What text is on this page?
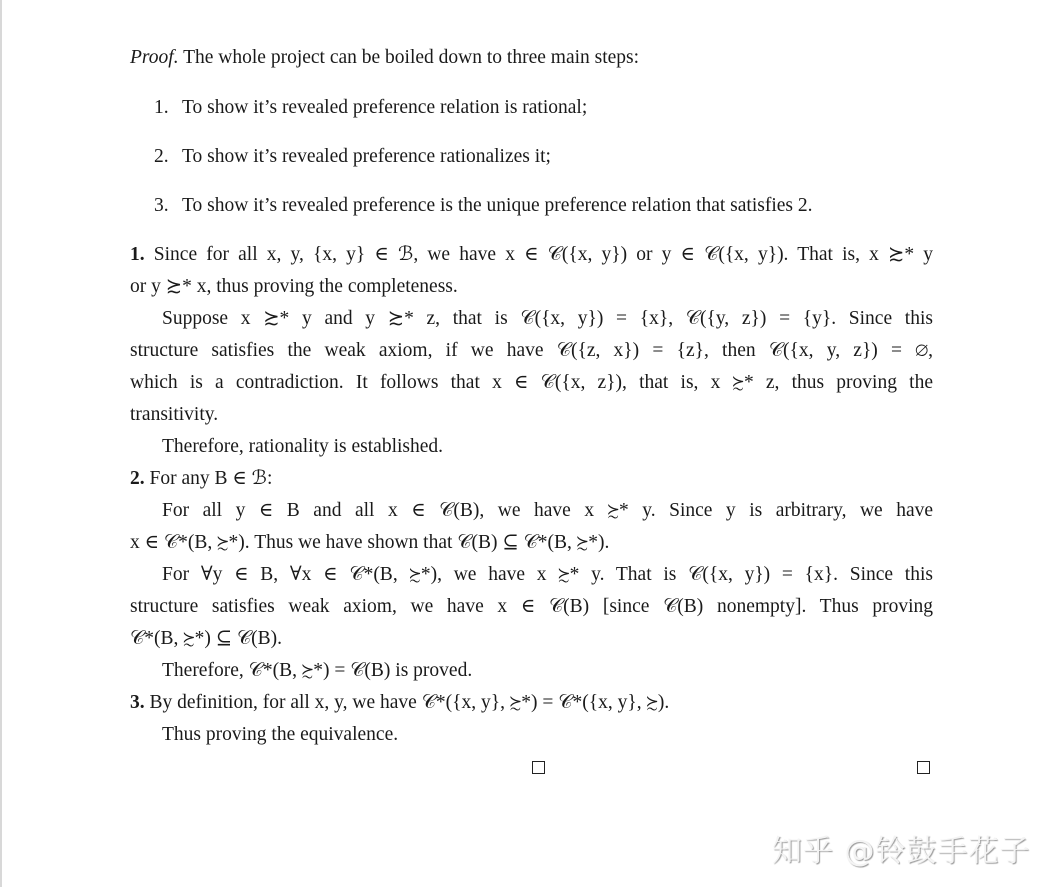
Proof. The whole project can be boiled down to three main steps:
1. To show it’s revealed preference relation is rational;
2. To show it’s revealed preference rationalizes it;
3. To show it’s revealed preference is the unique preference relation that satisfies 2.
1. Since for all x, y, {x, y} ∈ ℬ, we have x ∈ 𝒞({x, y}) or y ∈ 𝒞({x, y}). That is, x ≿* y
or y ≿* x, thus proving the completeness.
Suppose x ≿* y and y ≿* z, that is 𝒞({x, y}) = {x}, 𝒞({y, z}) = {y}. Since this
structure satisfies the weak axiom, if we have 𝒞({z, x}) = {z}, then 𝒞({x, y, z}) = ∅,
which is a contradiction. It follows that x ∈ 𝒞({x, z}), that is, x ≿* z, thus proving the
transitivity.
Therefore, rationality is established.
2. For any B ∈ ℬ:
For all y ∈ B and all x ∈ 𝒞(B), we have x ≿* y. Since y is arbitrary, we have
x ∈ 𝒞*(B, ≿*). Thus we have shown that 𝒞(B) ⊆ 𝒞*(B, ≿*).
For ∀y ∈ B, ∀x ∈ 𝒞*(B, ≿*), we have x ≿* y. That is 𝒞({x, y}) = {x}. Since this
structure satisfies weak axiom, we have x ∈ 𝒞(B) [since 𝒞(B) nonempty]. Thus proving
𝒞*(B, ≿*) ⊆ 𝒞(B).
Therefore, 𝒞*(B, ≿*) = 𝒞(B) is proved.
3. By definition, for all x, y, we have 𝒞*({x, y}, ≿*) = 𝒞*({x, y}, ≿).
Thus proving the equivalence.
知乎 @铃鼓手花子
